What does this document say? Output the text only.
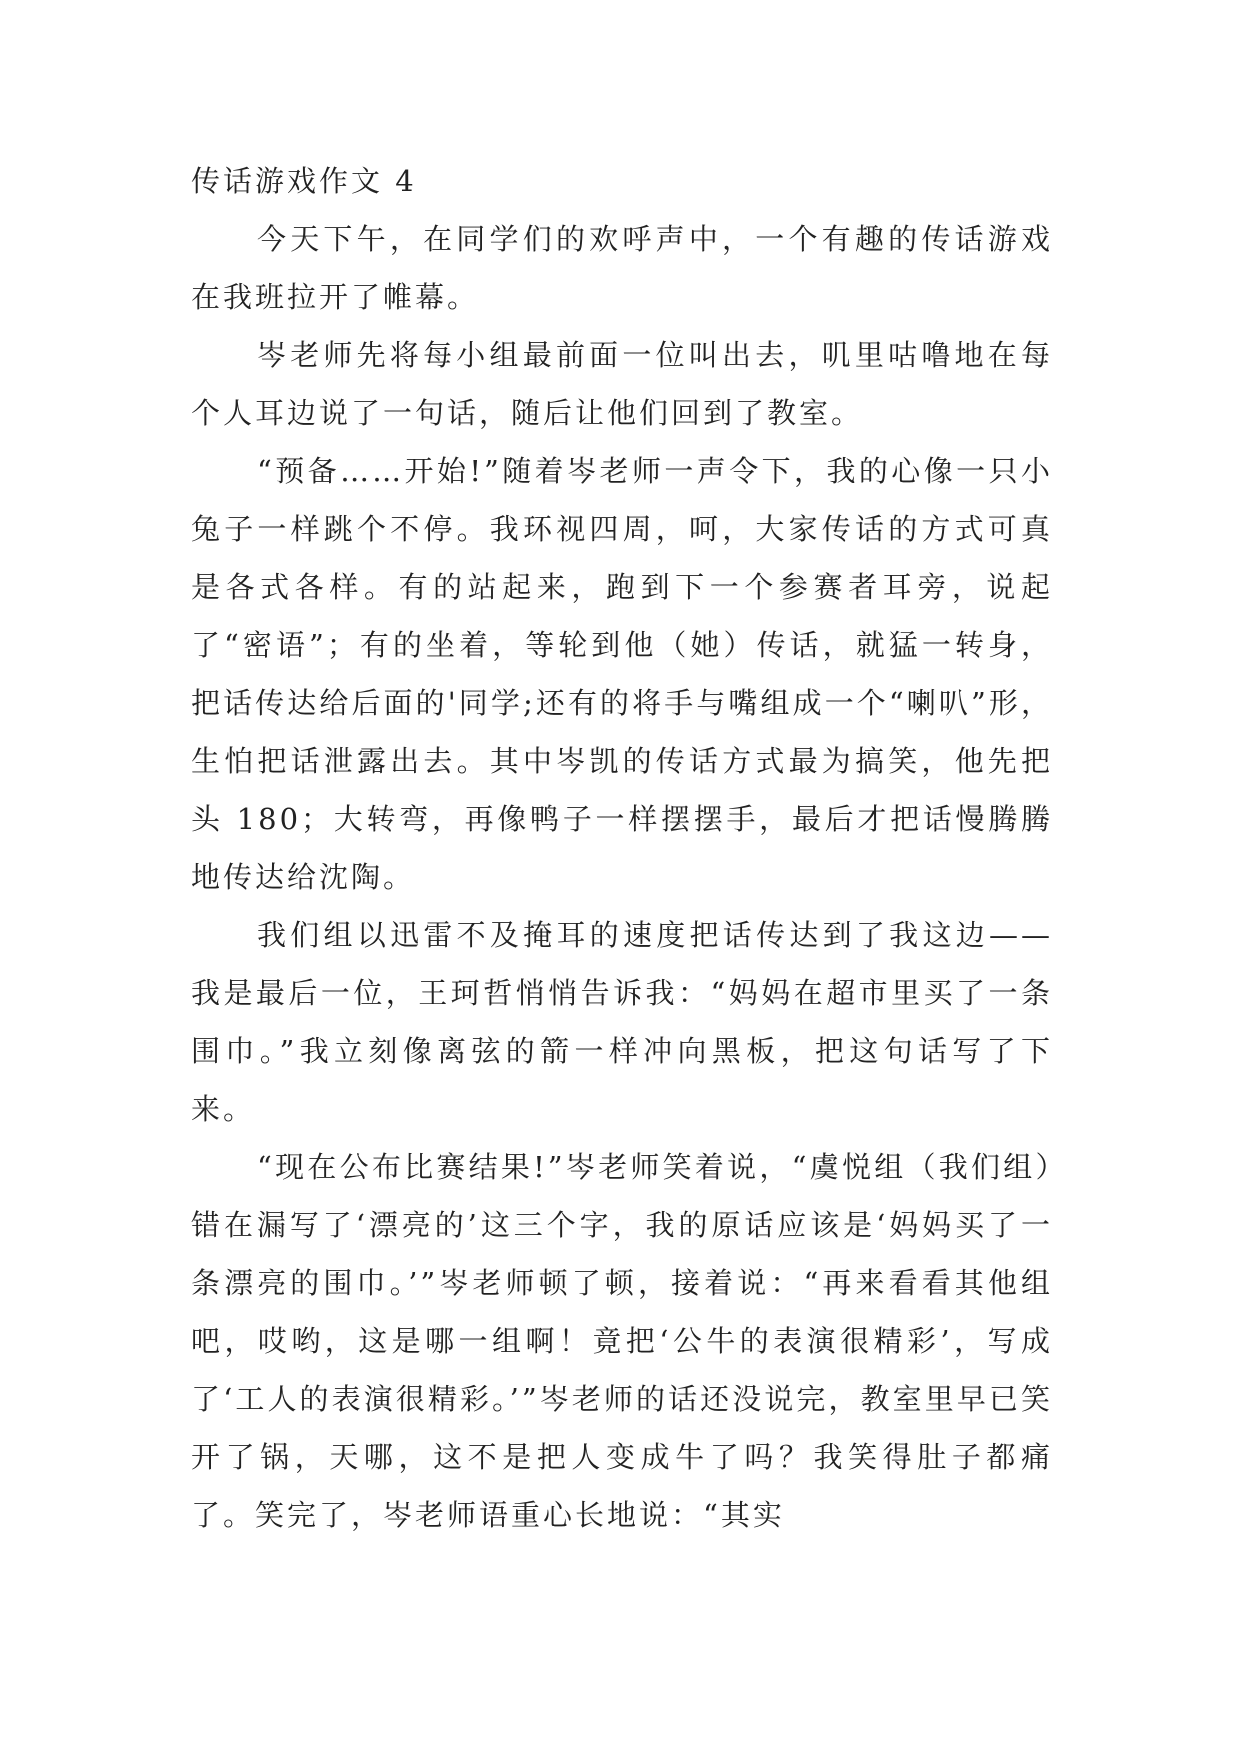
传话游戏作文 4

今天下午，在同学们的欢呼声中，一个有趣的传话游戏在我班拉开了帷幕。

岑老师先将每小组最前面一位叫出去，叽里咕噜地在每个人耳边说了一句话，随后让他们回到了教室。

“预备……开始!”随着岑老师一声令下，我的心像一只小兔子一样跳个不停。我环视四周，呵，大家传话的方式可真是各式各样。有的站起来，跑到下一个参赛者耳旁，说起了“密语”；有的坐着，等轮到他（她）传话，就猛一转身，把话传达给后面的'同学;还有的将手与嘴组成一个“喇叭”形，生怕把话泄露出去。其中岑凯的传话方式最为搞笑，他先把头 180；大转弯，再像鸭子一样摆摆手，最后才把话慢腾腾地传达给沈陶。

我们组以迅雷不及掩耳的速度把话传达到了我这边——我是最后一位，王珂哲悄悄告诉我：“妈妈在超市里买了一条围巾。”我立刻像离弦的箭一样冲向黑板，把这句话写了下来。

“现在公布比赛结果!”岑老师笑着说，“虞悦组（我们组）错在漏写了‘漂亮的’这三个字，我的原话应该是‘妈妈买了一条漂亮的围巾。’”岑老师顿了顿，接着说：“再来看看其他组吧，哎哟，这是哪一组啊！竟把‘公牛的表演很精彩’，写成了‘工人的表演很精彩。’”岑老师的话还没说完，教室里早已笑开了锅，天哪，这不是把人变成牛了吗？我笑得肚子都痛了。笑完了，岑老师语重心长地说：“其实
